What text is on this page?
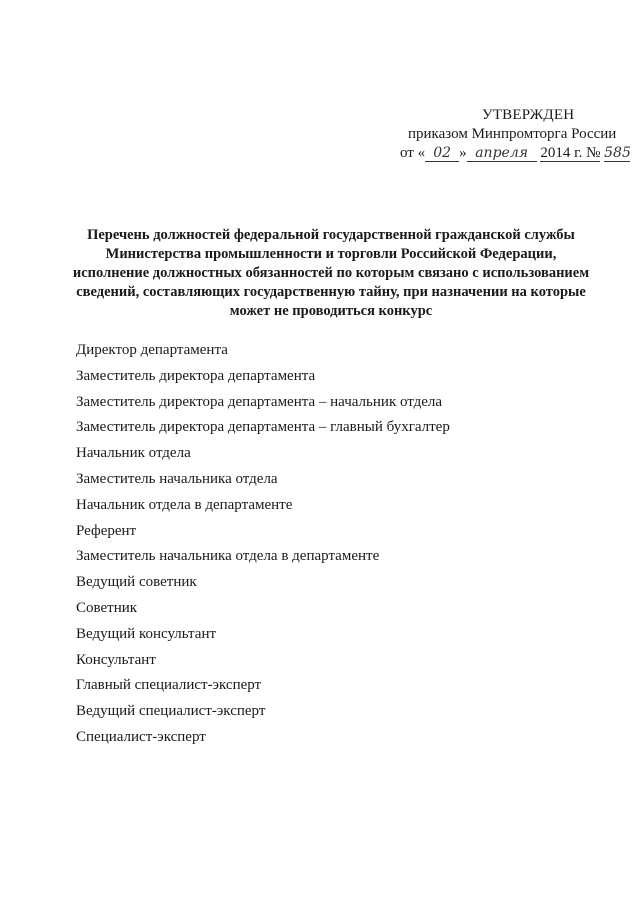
УТВЕРЖДЕН
приказом Минпромторга России
от « 02 » апреля 2014 г. № 585
Перечень должностей федеральной государственной гражданской службы
Министерства промышленности и торговли Российской Федерации,
исполнение должностных обязанностей по которым связано с использованием
сведений, составляющих государственную тайну, при назначении на которые
может не проводиться конкурс
Директор департамента
Заместитель директора департамента
Заместитель директора департамента – начальник отдела
Заместитель директора департамента – главный бухгалтер
Начальник отдела
Заместитель начальника отдела
Начальник отдела в департаменте
Референт
Заместитель начальника отдела в департаменте
Ведущий советник
Советник
Ведущий консультант
Консультант
Главный специалист-эксперт
Ведущий специалист-эксперт
Специалист-эксперт
